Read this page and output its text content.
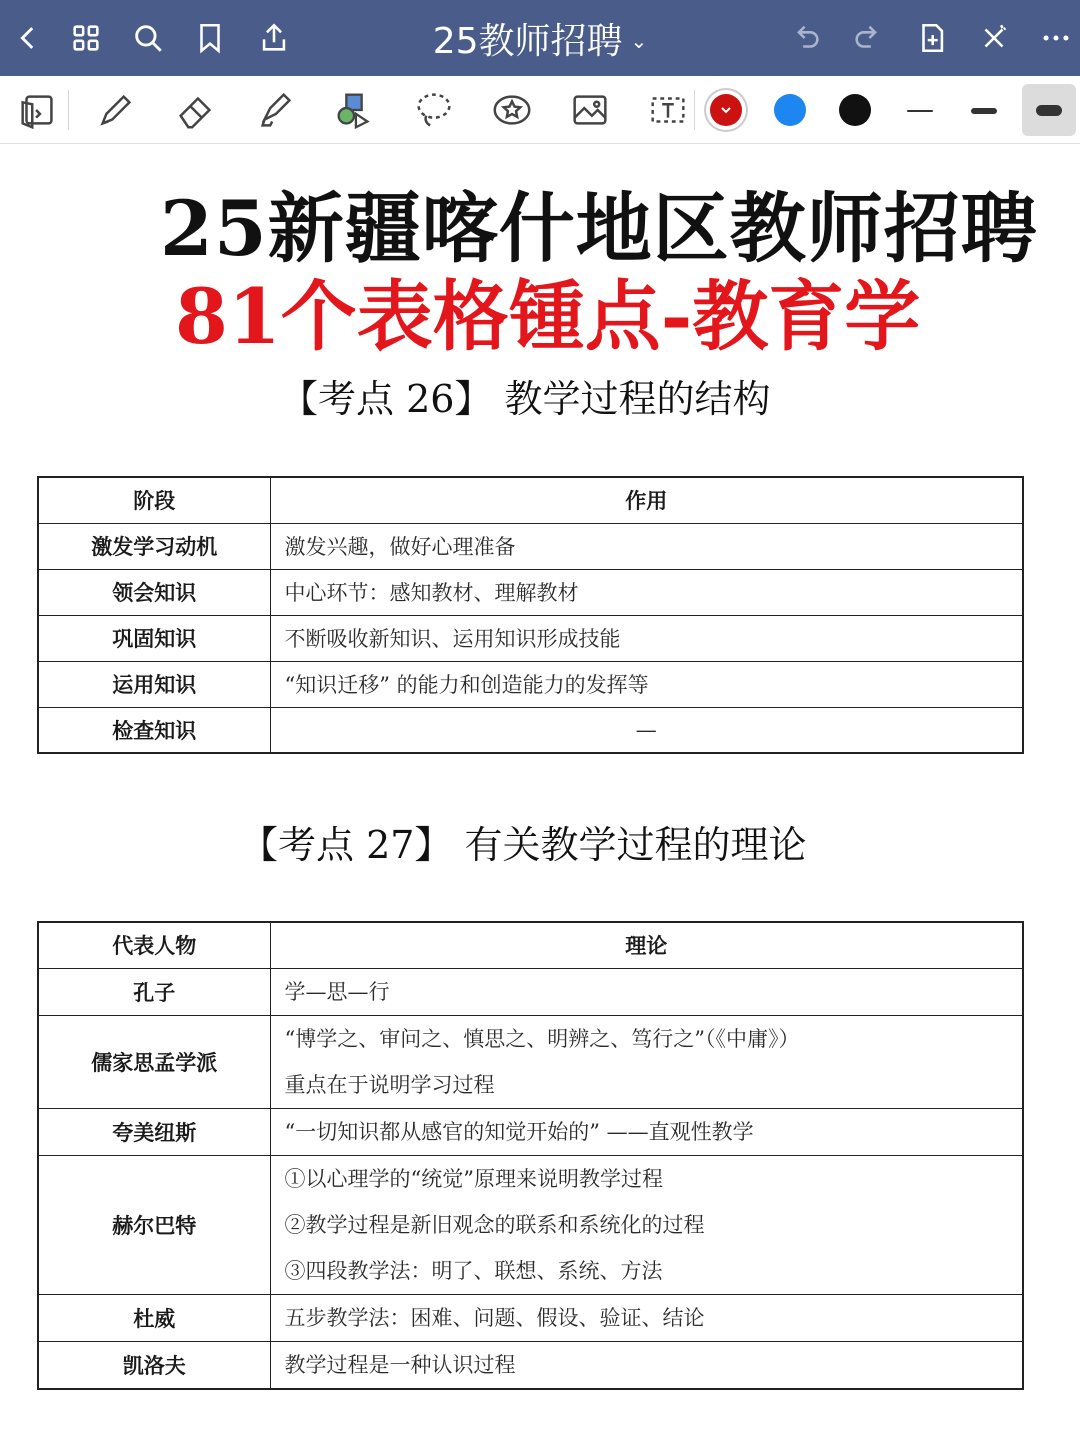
25教师招聘 ⌄
25新疆喀什地区教师招聘
81个表格锺点-教育学
【考点 26】 教学过程的结构
阶段	作用
激发学习动机	激发兴趣，做好心理准备
领会知识	中心环节：感知教材、理解教材
巩固知识	不断吸收新知识、运用知识形成技能
运用知识	“知识迁移” 的能力和创造能力的发挥等
检查知识	—
【考点 27】 有关教学过程的理论
代表人物	理论
孔子	学—思—行

儒家思孟学派	“博学之、审问之、慎思之、明辨之、笃行之”（《中庸》）
重点在于说明学习过程

夸美纽斯	“一切知识都从感官的知觉开始的” ——直观性教学

赫尔巴特	①以心理学的“统觉”原理来说明教学过程
②教学过程是新旧观念的联系和系统化的过程
③四段教学法：明了、联想、系统、方法

杜威	五步教学法：困难、问题、假设、验证、结论

凯洛夫	教学过程是一种认识过程
